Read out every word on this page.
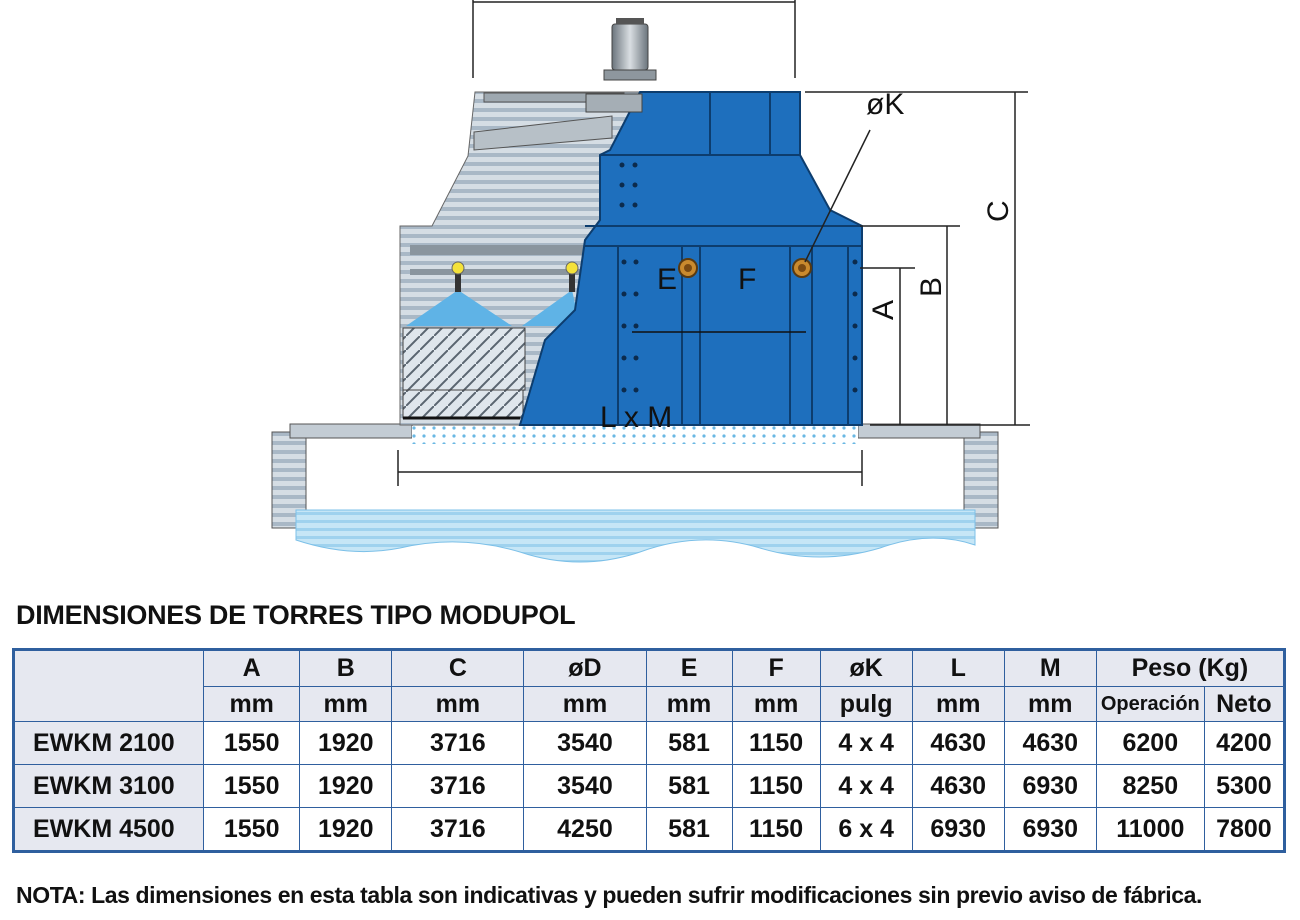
øK
E F
L x M
A
B
C
DIMENSIONES DE TORRES TIPO MODUPOL
	A	B	C	øD	E	F	øK	L	M	Peso (Kg)	
	mm	mm	mm	mm	mm	mm	pulg	mm	mm	Operación	Neto
EWKM 2100	1550	1920	3716	3540	581	1150	4 x 4	4630	4630	6200	4200
EWKM 3100	1550	1920	3716	3540	581	1150	4 x 4	4630	6930	8250	5300
EWKM 4500	1550	1920	3716	4250	581	1150	6 x 4	6930	6930	11000	7800
NOTA: Las dimensiones en esta tabla son indicativas y pueden sufrir modificaciones sin previo aviso de fábrica.
